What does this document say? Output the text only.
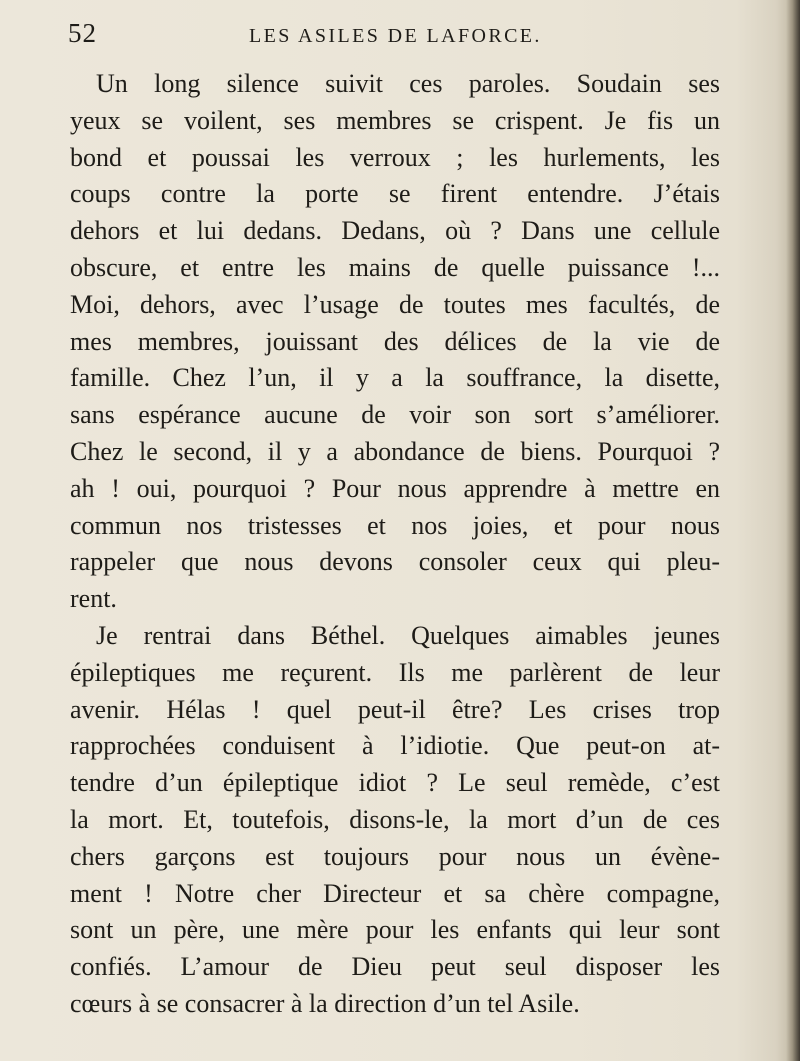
52	LES ASILES DE LAFORCE.
Un long silence suivit ces paroles. Soudain ses
yeux se voilent, ses membres se crispent. Je fis un
bond et poussai les verroux ; les hurlements, les
coups contre la porte se firent entendre. J’étais
dehors et lui dedans. Dedans, où ? Dans une cellule
obscure, et entre les mains de quelle puissance !...
Moi, dehors, avec l’usage de toutes mes facultés, de
mes membres, jouissant des délices de la vie de
famille. Chez l’un, il y a la souffrance, la disette,
sans espérance aucune de voir son sort s’améliorer.
Chez le second, il y a abondance de biens. Pourquoi ?
ah ! oui, pourquoi ? Pour nous apprendre à mettre en
commun nos tristesses et nos joies, et pour nous
rappeler que nous devons consoler ceux qui pleu-
rent.
Je rentrai dans Béthel. Quelques aimables jeunes
épileptiques me reçurent. Ils me parlèrent de leur
avenir. Hélas ! quel peut-il être? Les crises trop
rapprochées conduisent à l’idiotie. Que peut-on at-
tendre d’un épileptique idiot ? Le seul remède, c’est
la mort. Et, toutefois, disons-le, la mort d’un de ces
chers garçons est toujours pour nous un évène-
ment ! Notre cher Directeur et sa chère compagne,
sont un père, une mère pour les enfants qui leur sont
confiés. L’amour de Dieu peut seul disposer les
cœurs à se consacrer à la direction d’un tel Asile.
